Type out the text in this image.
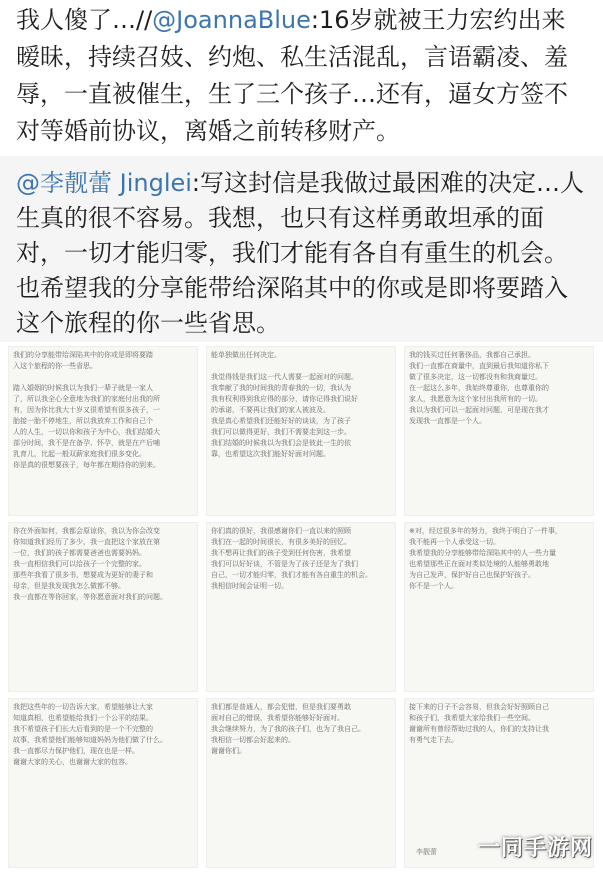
我人傻了…//@JoannaBlue:16岁就被王力宏约出来暧昧，持续召妓、约炮、私生活混乱，言语霸凌、羞辱，一直被催生，生了三个孩子…还有，逼女方签不对等婚前协议，离婚之前转移财产。
@李靓蕾 Jinglei:写这封信是我做过最困难的决定…人生真的很不容易。我想，也只有这样勇敢坦承的面对，一切才能归零，我们才能有各自有重生的机会。也希望我的分享能带给深陷其中的你或是即将要踏入这个旅程的你一些省思。
我们的分享能带给深陷其中的你或是即将要踏
入这个旅程的你一些省思。

踏入婚姻的时候我以为我们一辈子就是一家人
了，所以我全心全意地为我们的家庭付出我的所
有，因为你比我大十岁又很希望有很多孩子，一
胎接一胎不停地生，所以我放弃工作和自己个
人的人生，一切以你和孩子为中心，我们结婚大
部分时间，我不是在备孕、怀孕，就是在产后哺
乳育儿，比起一般双薪家庭我们很多变化。
你是真的很想要孩子，每年都在期待你的到来。
能单独做出任何决定。

我觉得钱是我们这一代人需要一起面对的问题。
我奉献了我的时间我的青春我的一切，我认为
我有权利得到我应得的部分，请你记得我们说好
的承诺，不要再让我们的家人被波及。
我是真心希望我们还能好好的谈谈，为了孩子
我们可以做得更好，我们不需要走到这一步。
我们结婚的时候我以为我们会是彼此一生的依
靠，也希望这次我们能好好面对问题。
我的钱买过任何奢侈品，我都自己承担。
我们一直都在商量中，直到最后我知道你私下
做了很多决定，这一切都没有和我商量过。
在一起这么多年，我始终尊重你，也尊重你的
家人，我愿意为这个家付出我所有的一切。
我以为我们可以一起面对问题，可是现在我才
发现我一直都是一个人。
你在外面如何，我都会原谅你，我以为你会改变
你知道我们经历了多少，我一直把这个家放在第
一位，我们的孩子都需要爸爸也需要妈妈。
我一直相信我们可以给孩子一个完整的家。
那些年我看了很多书，想要成为更好的妻子和
母亲，但是我发现我怎么做都不够。
我一直都在等你回家，等你愿意面对我们的问题。
你们真的很好，我很感谢你们一直以来的照顾
我们在一起的时间很长，有很多美好的回忆。
我不想再让我们的孩子受到任何伤害，我希望
我们可以好好谈，不管是为了孩子还是为了我们
自己，一切才能归零，我们才能有各自重生的机会。
我相信时间会证明一切。
※对，经过很多年的努力，我终于明白了一件事，
我不能再一个人承受这一切。
我希望我的分享能够带给深陷其中的人一些力量
也希望那些正在面对类似处境的人能够勇敢地
为自己发声，保护好自己也保护好孩子。
你不是一个人。
我把这些年的一切告诉大家，希望能够让大家
知道真相，也希望能给我们一个公平的结果。
我不希望孩子们长大后看到的是一个不完整的
故事，我希望他们能够知道妈妈为他们做了什么。
我一直都尽力保护他们，现在也是一样。
谢谢大家的关心，也谢谢大家的包容。
我们都是普通人，都会犯错，但是我们要勇敢
面对自己的错误，我希望你能够好好面对。
我会继续努力，为了我的孩子们，也为了我自己。
我相信一切都会好起来的。
谢谢你们。
接下来的日子不会容易，但我会好好照顾自己
和孩子们，我希望大家给我们一些空间。
谢谢所有曾经帮助过我的人，你们的支持让我
有勇气走下去。
李靓蕾 一同手游网
